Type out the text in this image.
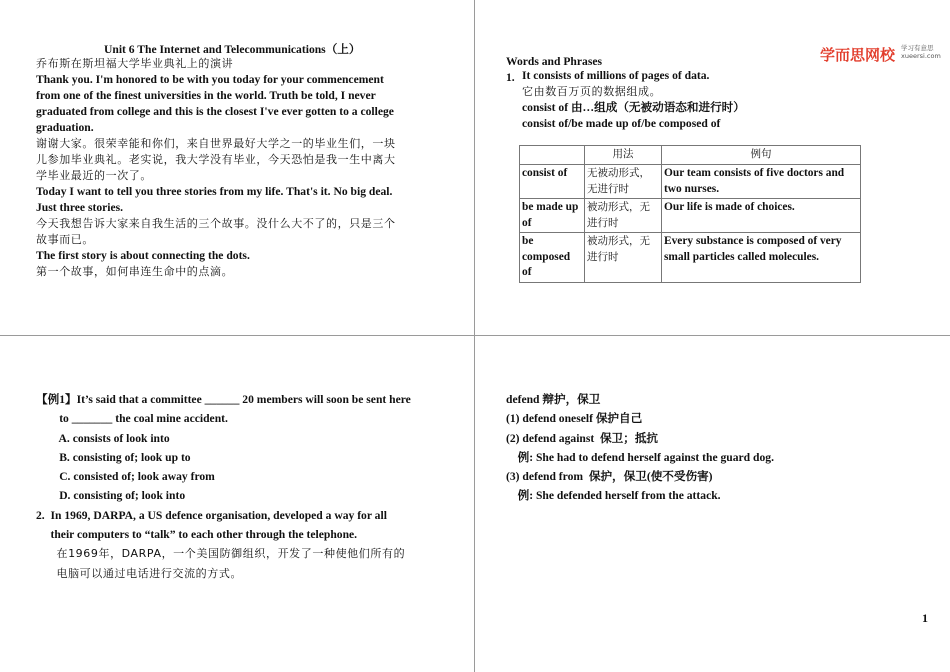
Unit 6 The Internet and Telecommunications（上）
乔布斯在斯坦福大学毕业典礼上的演讲
Thank you. I'm honored to be with you today for your commencement
from one of the finest universities in the world. Truth be told, I never
graduated from college and this is the closest I've ever gotten to a college
graduation.
谢谢大家。很荣幸能和你们，来自世界最好大学之一的毕业生们，一块
儿参加毕业典礼。老实说，我大学没有毕业，今天恐怕是我一生中离大
学毕业最近的一次了。
Today I want to tell you three stories from my life. That's it. No big deal.
Just three stories.
今天我想告诉大家来自我生活的三个故事。没什么大不了的，只是三个
故事而已。
The first story is about connecting the dots.
第一个故事，如何串连生命中的点滴。
学而思网校 学习有意思
xueersi.com
Words and Phrases
1. It consists of millions of pages of data.
它由数百万页的数据组成。
consist of 由…组成（无被动语态和进行时）
consist of/be made up of/be composed of
	用法	例句
consist of	无被动形式，无进行时	Our team consists of five doctors and two nurses.
be made up of	被动形式，无进行时	Our life is made of choices.
be composed of	被动形式，无进行时	Every substance is composed of very small particles called molecules.
【例1】It’s said that a committee ______ 20 members will soon be sent here
to _______ the coal mine accident.
A. consists of look into
B. consisting of; look up to
C. consisted of; look away from
D. consisting of; look into
2.  In 1969, DARPA, a US defence organisation, developed a way for all
their computers to “talk” to each other through the telephone.
在1969年，DARPA，一个美国防御组织，开发了一种使他们所有的
电脑可以通过电话进行交流的方式。
defend 辩护，保卫
(1) defend oneself 保护自己
(2) defend against  保卫；抵抗
例: She had to defend herself against the guard dog.
(3) defend from  保护，保卫(使不受伤害)
例: She defended herself from the attack.
1
